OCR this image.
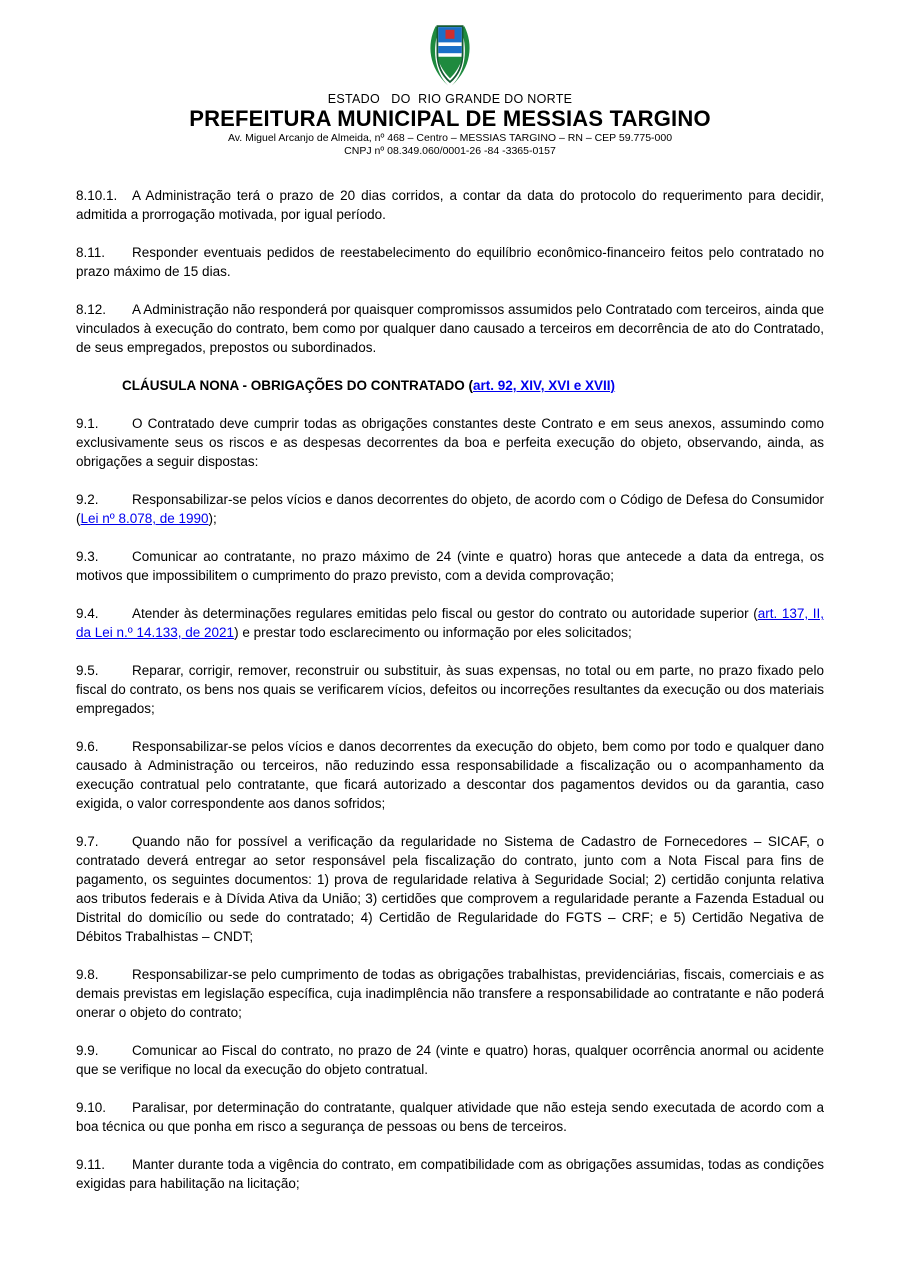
ESTADO   DO  RIO GRANDE DO NORTE
PREFEITURA MUNICIPAL DE MESSIAS TARGINO
Av. Miguel Arcanjo de Almeida, nº 468 – Centro – MESSIAS TARGINO – RN – CEP 59.775-000
CNPJ nº 08.349.060/0001-26 -84 -3365-0157

8.10.1. A Administração terá o prazo de 20 dias corridos, a contar da data do protocolo do requerimento para decidir, admitida a prorrogação motivada, por igual período.

8.11. Responder eventuais pedidos de reestabelecimento do equilíbrio econômico-financeiro feitos pelo contratado no prazo máximo de 15 dias.

8.12. A Administração não responderá por quaisquer compromissos assumidos pelo Contratado com terceiros, ainda que vinculados à execução do contrato, bem como por qualquer dano causado a terceiros em decorrência de ato do Contratado, de seus empregados, prepostos ou subordinados.

CLÁUSULA NONA - OBRIGAÇÕES DO CONTRATADO (art. 92, XIV, XVI e XVII)

9.1. O Contratado deve cumprir todas as obrigações constantes deste Contrato e em seus anexos, assumindo como exclusivamente seus os riscos e as despesas decorrentes da boa e perfeita execução do objeto, observando, ainda, as obrigações a seguir dispostas:

9.2. Responsabilizar-se pelos vícios e danos decorrentes do objeto, de acordo com o Código de Defesa do Consumidor (Lei nº 8.078, de 1990);

9.3. Comunicar ao contratante, no prazo máximo de 24 (vinte e quatro) horas que antecede a data da entrega, os motivos que impossibilitem o cumprimento do prazo previsto, com a devida comprovação;

9.4. Atender às determinações regulares emitidas pelo fiscal ou gestor do contrato ou autoridade superior (art. 137, II, da Lei n.º 14.133, de 2021) e prestar todo esclarecimento ou informação por eles solicitados;

9.5. Reparar, corrigir, remover, reconstruir ou substituir, às suas expensas, no total ou em parte, no prazo fixado pelo fiscal do contrato, os bens nos quais se verificarem vícios, defeitos ou incorreções resultantes da execução ou dos materiais empregados;

9.6. Responsabilizar-se pelos vícios e danos decorrentes da execução do objeto, bem como por todo e qualquer dano causado à Administração ou terceiros, não reduzindo essa responsabilidade a fiscalização ou o acompanhamento da execução contratual pelo contratante, que ficará autorizado a descontar dos pagamentos devidos ou da garantia, caso exigida, o valor correspondente aos danos sofridos;

9.7. Quando não for possível a verificação da regularidade no Sistema de Cadastro de Fornecedores – SICAF, o contratado deverá entregar ao setor responsável pela fiscalização do contrato, junto com a Nota Fiscal para fins de pagamento, os seguintes documentos: 1) prova de regularidade relativa à Seguridade Social; 2) certidão conjunta relativa aos tributos federais e à Dívida Ativa da União; 3) certidões que comprovem a regularidade perante a Fazenda Estadual ou Distrital do domicílio ou sede do contratado; 4) Certidão de Regularidade do FGTS – CRF; e 5) Certidão Negativa de Débitos Trabalhistas – CNDT;

9.8. Responsabilizar-se pelo cumprimento de todas as obrigações trabalhistas, previdenciárias, fiscais, comerciais e as demais previstas em legislação específica, cuja inadimplência não transfere a responsabilidade ao contratante e não poderá onerar o objeto do contrato;

9.9. Comunicar ao Fiscal do contrato, no prazo de 24 (vinte e quatro) horas, qualquer ocorrência anormal ou acidente que se verifique no local da execução do objeto contratual.

9.10. Paralisar, por determinação do contratante, qualquer atividade que não esteja sendo executada de acordo com a boa técnica ou que ponha em risco a segurança de pessoas ou bens de terceiros.

9.11. Manter durante toda a vigência do contrato, em compatibilidade com as obrigações assumidas, todas as condições exigidas para habilitação na licitação;
